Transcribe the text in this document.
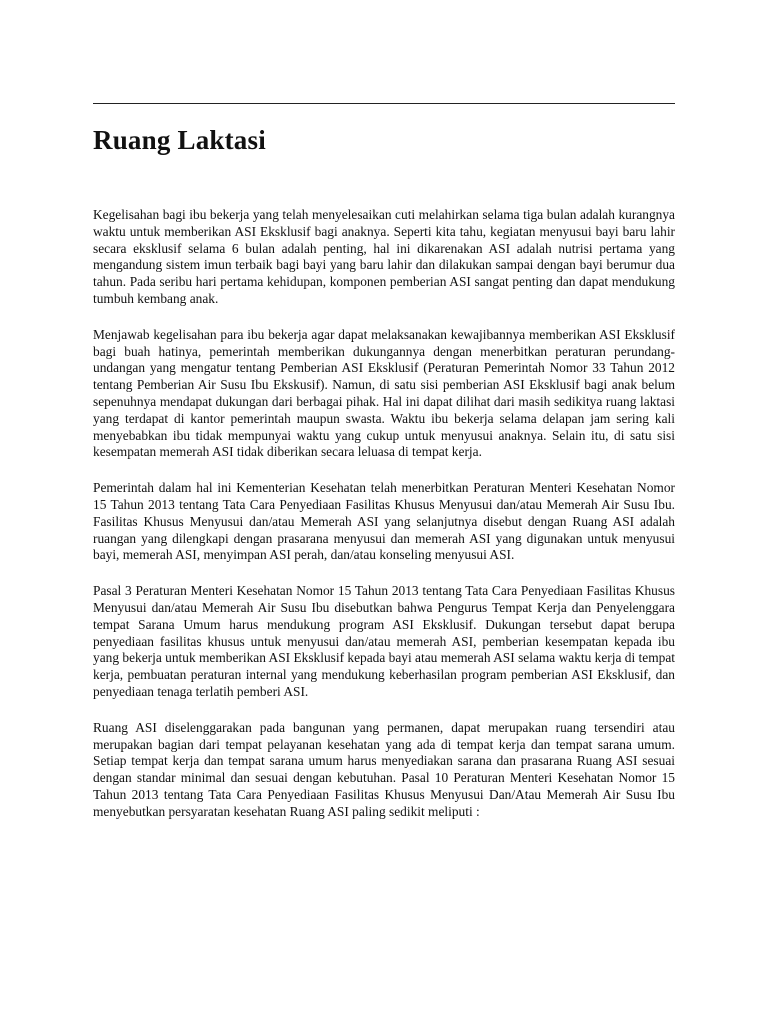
Ruang Laktasi

Kegelisahan bagi ibu bekerja yang telah menyelesaikan cuti melahirkan selama tiga bulan adalah kurangnya waktu untuk memberikan ASI Eksklusif bagi anaknya. Seperti kita tahu, kegiatan menyusui bayi baru lahir secara eksklusif selama 6 bulan adalah penting, hal ini dikarenakan ASI adalah nutrisi pertama yang mengandung sistem imun terbaik bagi bayi yang baru lahir dan dilakukan sampai dengan bayi berumur dua tahun. Pada seribu hari pertama kehidupan, komponen pemberian ASI sangat penting dan dapat mendukung tumbuh kembang anak.

Menjawab kegelisahan para ibu bekerja agar dapat melaksanakan kewajibannya memberikan ASI Eksklusif bagi buah hatinya, pemerintah memberikan dukungannya dengan menerbitkan peraturan perundang-undangan yang mengatur tentang Pemberian ASI Eksklusif (Peraturan Pemerintah Nomor 33 Tahun 2012 tentang Pemberian Air Susu Ibu Ekskusif). Namun, di satu sisi pemberian ASI Eksklusif bagi anak belum sepenuhnya mendapat dukungan dari berbagai pihak. Hal ini dapat dilihat dari masih sedikitya ruang laktasi yang terdapat di kantor pemerintah maupun swasta. Waktu ibu bekerja selama delapan jam sering kali menyebabkan ibu tidak mempunyai waktu yang cukup untuk menyusui anaknya. Selain itu, di satu sisi kesempatan memerah ASI tidak diberikan secara leluasa di tempat kerja.

Pemerintah dalam hal ini Kementerian Kesehatan telah menerbitkan Peraturan Menteri Kesehatan Nomor 15 Tahun 2013 tentang Tata Cara Penyediaan Fasilitas Khusus Menyusui dan/atau Memerah Air Susu Ibu. Fasilitas Khusus Menyusui dan/atau Memerah ASI yang selanjutnya disebut dengan Ruang ASI adalah ruangan yang dilengkapi dengan prasarana menyusui dan memerah ASI yang digunakan untuk menyusui bayi, memerah ASI, menyimpan ASI perah, dan/atau konseling menyusui ASI.

Pasal 3 Peraturan Menteri Kesehatan Nomor 15 Tahun 2013 tentang Tata Cara Penyediaan Fasilitas Khusus Menyusui dan/atau Memerah Air Susu Ibu disebutkan bahwa Pengurus Tempat Kerja dan Penyelenggara tempat Sarana Umum harus mendukung program ASI Eksklusif. Dukungan tersebut dapat berupa penyediaan fasilitas khusus untuk menyusui dan/atau memerah ASI, pemberian kesempatan kepada ibu yang bekerja untuk memberikan ASI Eksklusif kepada bayi atau memerah ASI selama waktu kerja di tempat kerja, pembuatan peraturan internal yang mendukung keberhasilan program pemberian ASI Eksklusif, dan penyediaan tenaga terlatih pemberi ASI.

Ruang ASI diselenggarakan pada bangunan yang permanen, dapat merupakan ruang tersendiri atau merupakan bagian dari tempat pelayanan kesehatan yang ada di tempat kerja dan tempat sarana umum. Setiap tempat kerja dan tempat sarana umum harus menyediakan sarana dan prasarana Ruang ASI sesuai dengan standar minimal dan sesuai dengan kebutuhan. Pasal 10 Peraturan Menteri Kesehatan Nomor 15 Tahun 2013 tentang Tata Cara Penyediaan Fasilitas Khusus Menyusui Dan/Atau Memerah Air Susu Ibu menyebutkan persyaratan kesehatan Ruang ASI paling sedikit meliputi :
